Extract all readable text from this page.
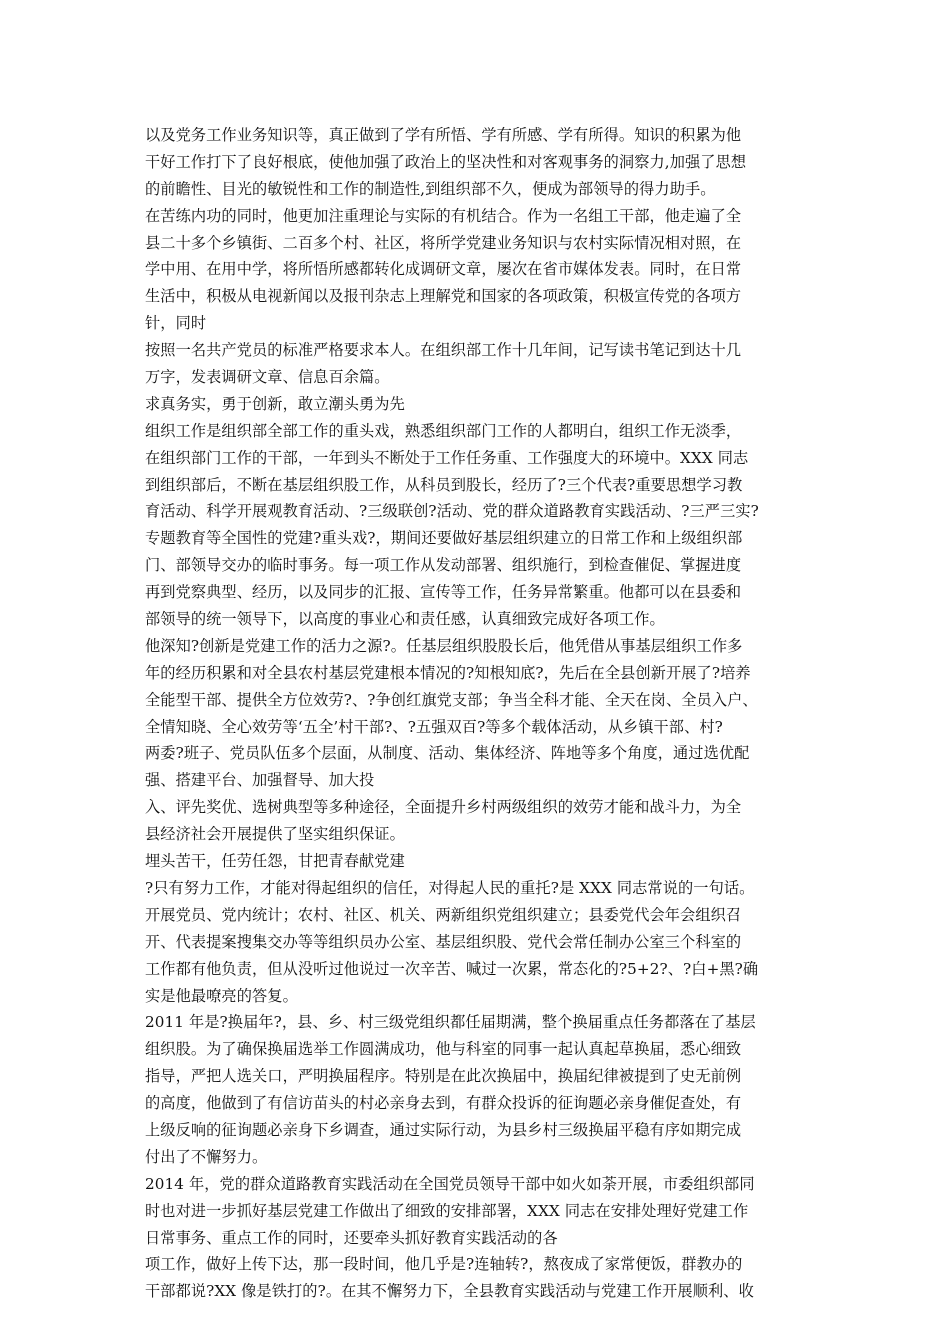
以及党务工作业务知识等，真正做到了学有所悟、学有所感、学有所得。知识的积累为他
干好工作打下了良好根底，使他加强了政治上的坚决性和对客观事务的洞察力,加强了思想
的前瞻性、目光的敏锐性和工作的制造性,到组织部不久，便成为部领导的得力助手。
在苦练内功的同时，他更加注重理论与实际的有机结合。作为一名组工干部，他走遍了全
县二十多个乡镇街、二百多个村、社区，将所学党建业务知识与农村实际情况相对照，在
学中用、在用中学，将所悟所感都转化成调研文章，屡次在省市媒体发表。同时，在日常
生活中，积极从电视新闻以及报刊杂志上理解党和国家的各项政策，积极宣传党的各项方
针，同时
按照一名共产党员的标准严格要求本人。在组织部工作十几年间，记写读书笔记到达十几
万字，发表调研文章、信息百余篇。
求真务实，勇于创新，敢立潮头勇为先
组织工作是组织部全部工作的重头戏，熟悉组织部门工作的人都明白，组织工作无淡季，
在组织部门工作的干部，一年到头不断处于工作任务重、工作强度大的环境中。XXX 同志
到组织部后，不断在基层组织股工作，从科员到股长，经历了?三个代表?重要思想学习教
育活动、科学开展观教育活动、?三级联创?活动、党的群众道路教育实践活动、?三严三实?
专题教育等全国性的党建?重头戏?，期间还要做好基层组织建立的日常工作和上级组织部
门、部领导交办的临时事务。每一项工作从发动部署、组织施行，到检查催促、掌握进度
再到党察典型、经历，以及同步的汇报、宣传等工作，任务异常繁重。他都可以在县委和
部领导的统一领导下，以高度的事业心和责任感，认真细致完成好各项工作。
他深知?创新是党建工作的活力之源?。任基层组织股股长后，他凭借从事基层组织工作多
年的经历积累和对全县农村基层党建根本情况的?知根知底?，先后在全县创新开展了?培养
全能型干部、提供全方位效劳?、?争创红旗党支部；争当全科才能、全天在岗、全员入户、
全情知晓、全心效劳等‘五全’村干部?、?五强双百?等多个载体活动，从乡镇干部、村?
两委?班子、党员队伍多个层面，从制度、活动、集体经济、阵地等多个角度，通过选优配
强、搭建平台、加强督导、加大投
入、评先奖优、选树典型等多种途径，全面提升乡村两级组织的效劳才能和战斗力，为全
县经济社会开展提供了坚实组织保证。
埋头苦干，任劳任怨，甘把青春献党建
?只有努力工作，才能对得起组织的信任，对得起人民的重托?是 XXX 同志常说的一句话。
开展党员、党内统计；农村、社区、机关、两新组织党组织建立；县委党代会年会组织召
开、代表提案搜集交办等等组织员办公室、基层组织股、党代会常任制办公室三个科室的
工作都有他负责，但从没听过他说过一次辛苦、喊过一次累，常态化的?5+2?、?白+黑?确
实是他最嘹亮的答复。
2011 年是?换届年?，县、乡、村三级党组织都任届期满，整个换届重点任务都落在了基层
组织股。为了确保换届选举工作圆满成功，他与科室的同事一起认真起草换届，悉心细致
指导，严把人选关口，严明换届程序。特别是在此次换届中，换届纪律被提到了史无前例
的高度，他做到了有信访苗头的村必亲身去到，有群众投诉的征询题必亲身催促查处，有
上级反响的征询题必亲身下乡调查，通过实际行动，为县乡村三级换届平稳有序如期完成
付出了不懈努力。
2014 年，党的群众道路教育实践活动在全国党员领导干部中如火如荼开展，市委组织部同
时也对进一步抓好基层党建工作做出了细致的安排部署，XXX 同志在安排处理好党建工作
日常事务、重点工作的同时，还要牵头抓好教育实践活动的各
项工作，做好上传下达，那一段时间，他几乎是?连轴转?，熬夜成了家常便饭，群教办的
干部都说?XX 像是铁打的?。在其不懈努力下，全县教育实践活动与党建工作开展顺利、收
